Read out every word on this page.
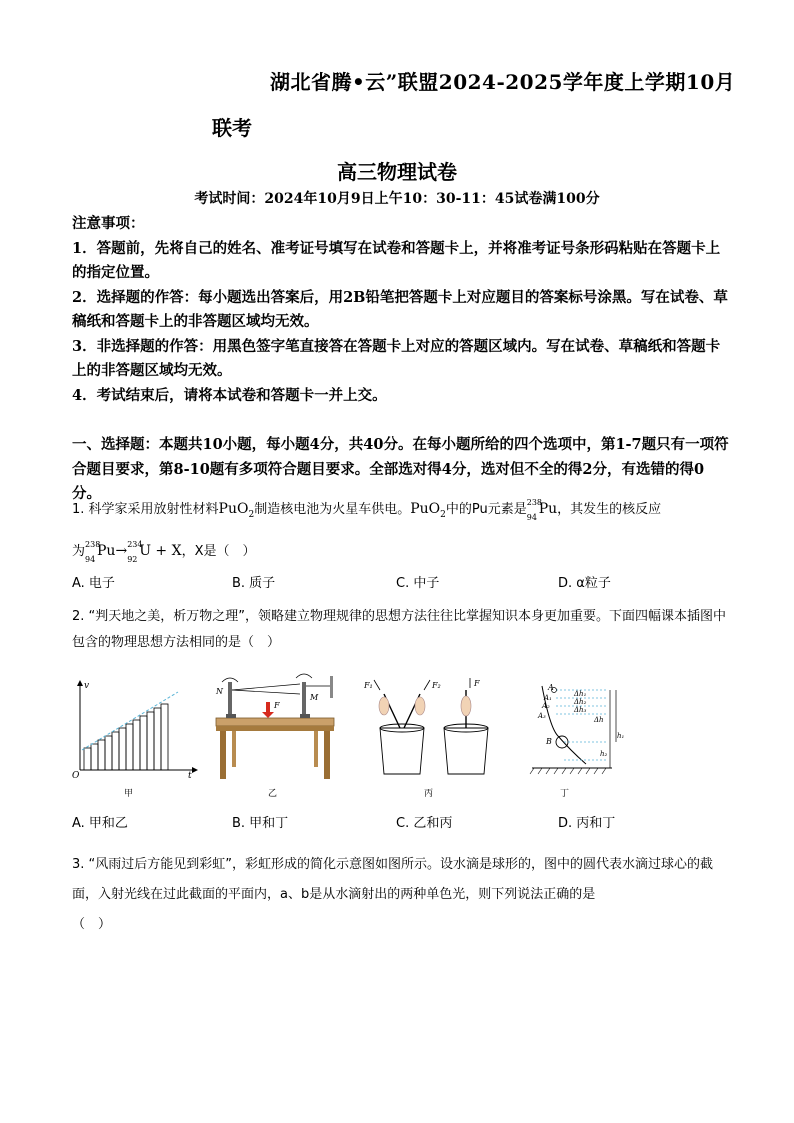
湖北省腾•云”联盟2024-2025学年度上学期10月
联考
高三物理试卷
考试时间：2024年10月9日上午10：30-11：45试卷满100分

注意事项：

1．答题前，先将自己的姓名、准考证号填写在试卷和答题卡上，并将准考证号条形码粘贴在答题卡上的指定位置。

2．选择题的作答：每小题选出答案后，用2B铅笔把答题卡上对应题目的答案标号涂黑。写在试卷、草稿纸和答题卡上的非答题区域均无效。

3．非选择题的作答：用黑色签字笔直接答在答题卡上对应的答题区域内。写在试卷、草稿纸和答题卡上的非答题区域均无效。

4．考试结束后，请将本试卷和答题卡一并上交。

一、选择题：本题共10小题，每小题4分，共40分。在每小题所给的四个选项中，第1-7题只有一项符合题目要求，第8-10题有多项符合题目要求。全部选对得4分，选对但不全的得2分，有选错的得0分。
1. 科学家采用放射性材料PuO$_2$制造核电池为火星车供电。PuO$_2$中的Pu元素是 238
94
Pu，其发生的核反应
为 238
94
Pu→ 234
92
U + X，X是（　）
A. 电子	B. 质子	C. 中子	D. α粒子
2. “判天地之美，析万物之理”，领略建立物理规律的思想方法往往比掌握知识本身更加重要。下面四幅课本插图中包含的物理思想方法相同的是（　）
O
v
t
N
M
F
F₁	F₂	F	A
A₁
A₂
A₃
B
Δh₁
Δh₂
Δh₃
Δh
h₁
h₂
甲	乙	丙	丁
A. 甲和乙	B. 甲和丁	C. 乙和丙	D. 丙和丁
3. “风雨过后方能见到彩虹”，彩虹形成的简化示意图如图所示。设水滴是球形的，图中的圆代表水滴过球心的截面，入射光线在过此截面的平面内，a、b是从水滴射出的两种单色光，则下列说法正确的是
（　）
